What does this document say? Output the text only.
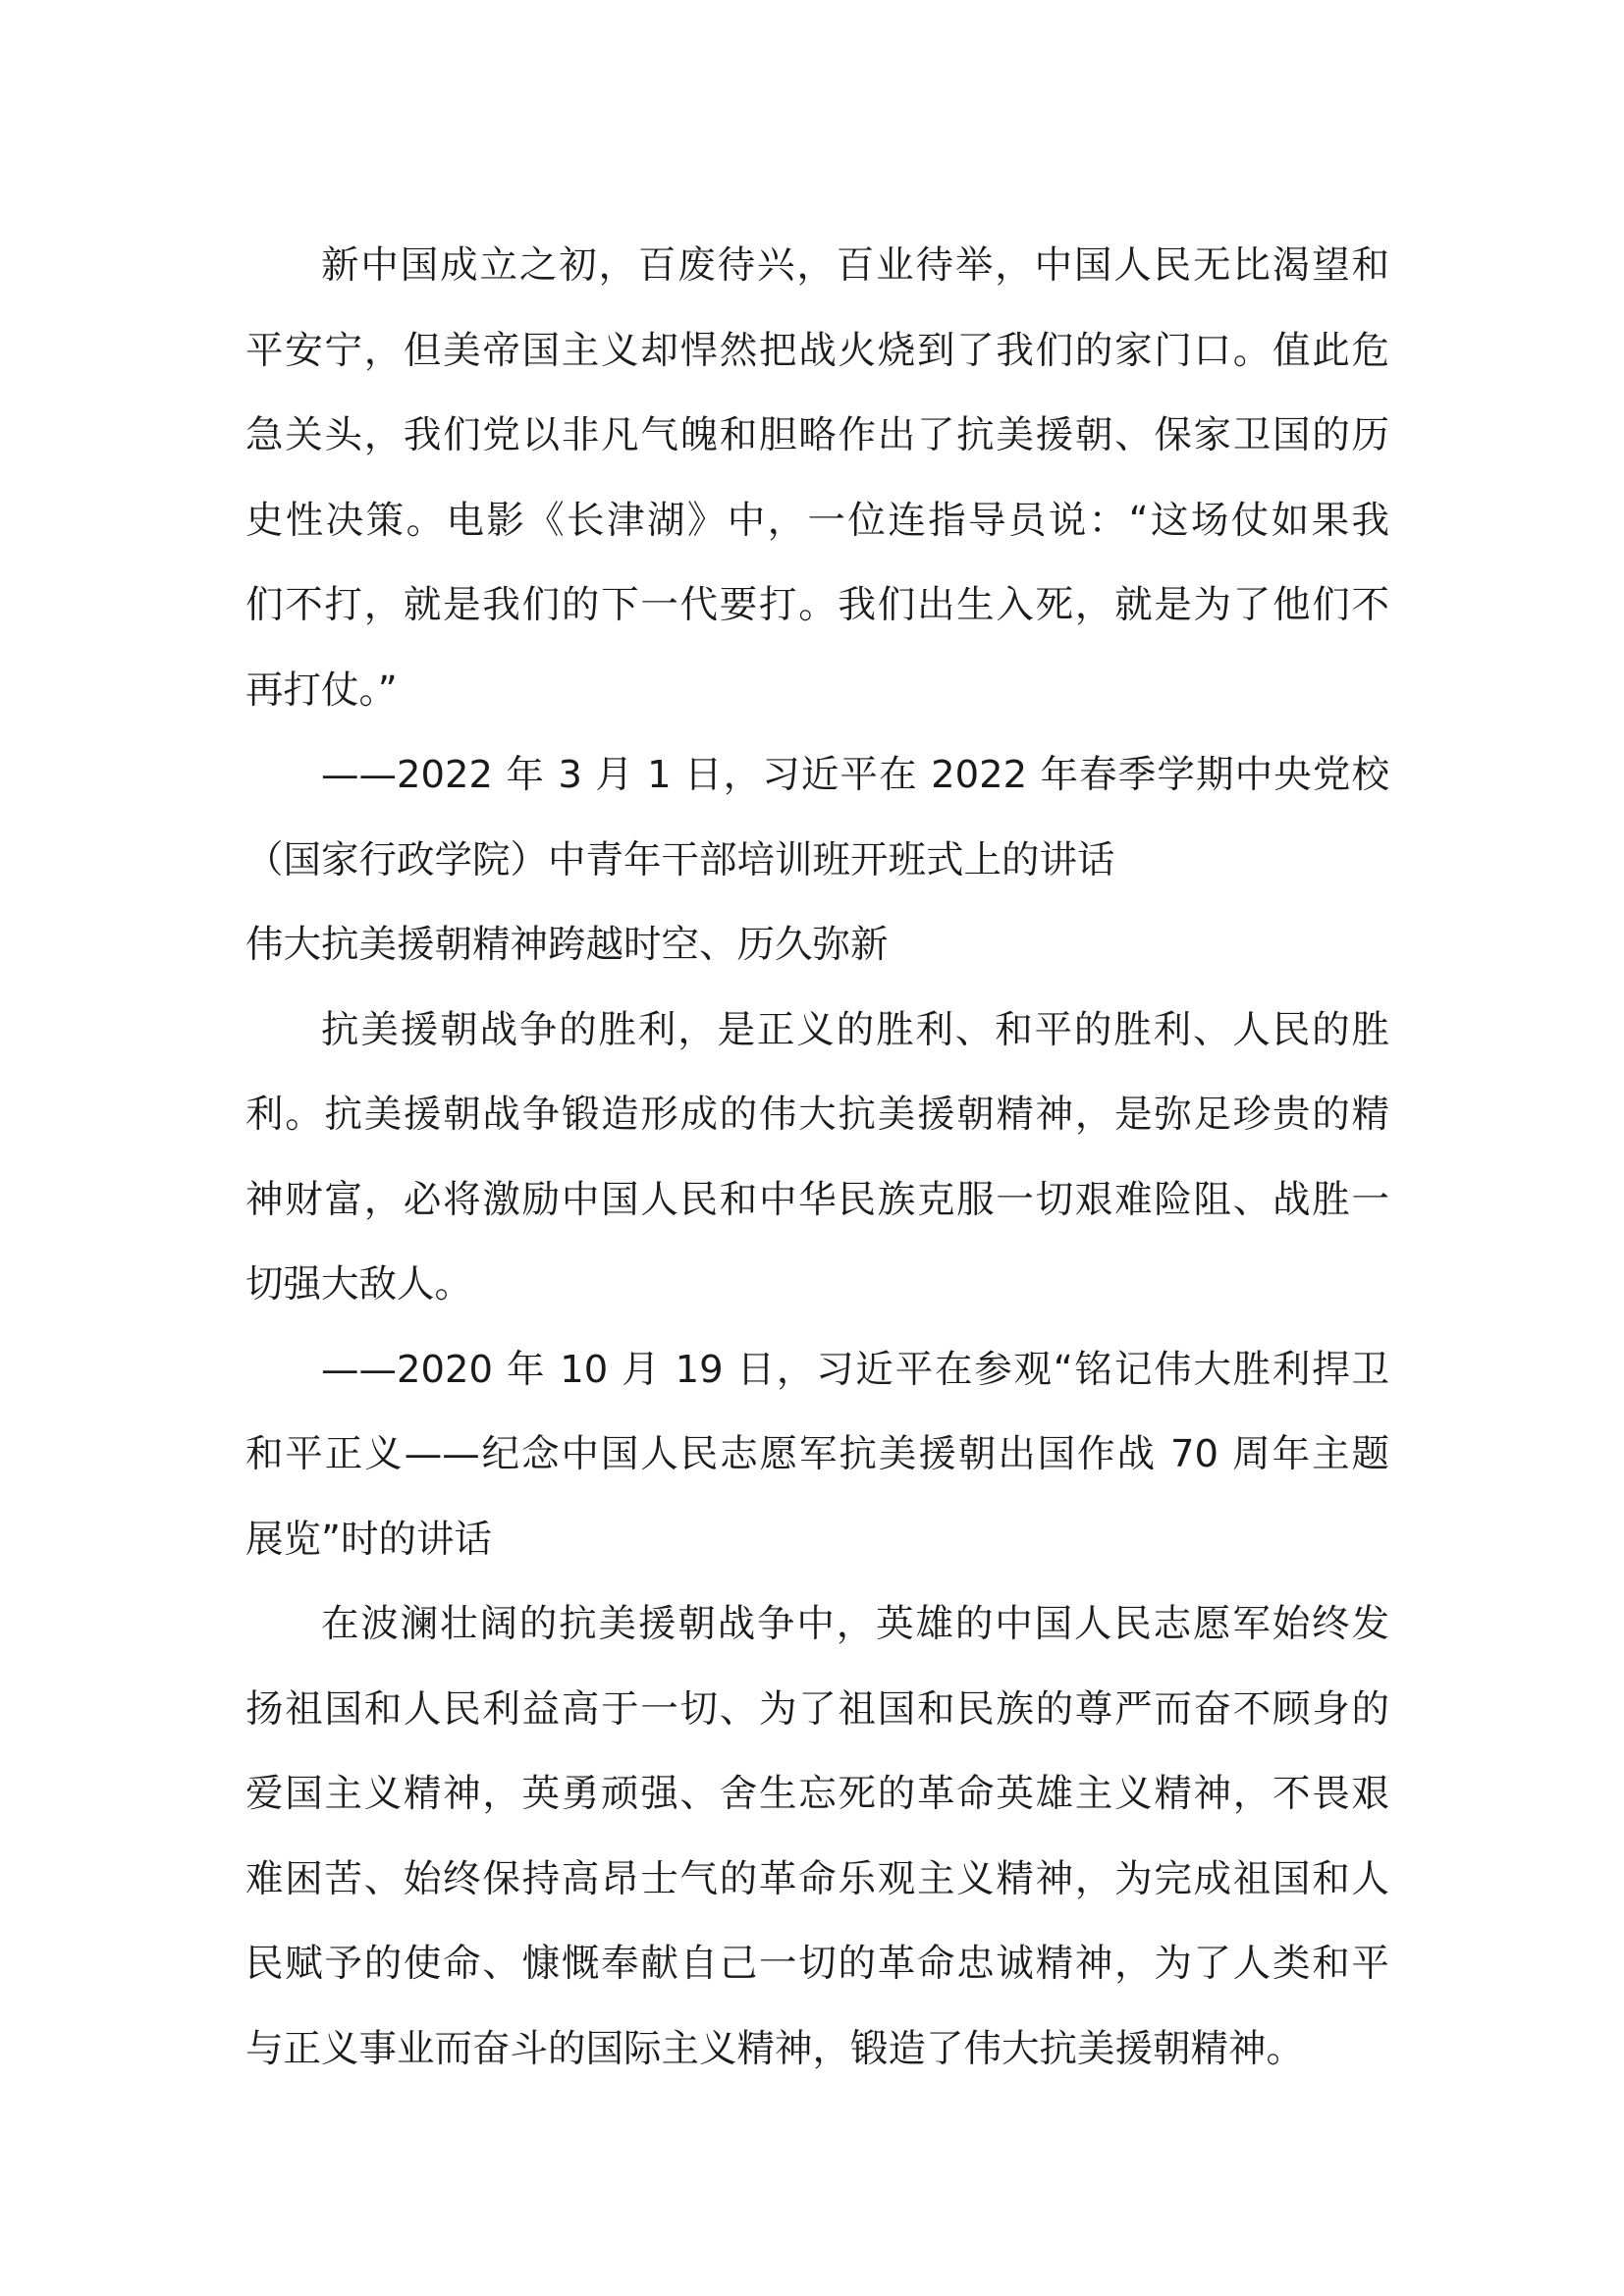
新中国成立之初，百废待兴，百业待举，中国人民无比渴望和
平安宁，但美帝国主义却悍然把战火烧到了我们的家门口。值此危
急关头，我们党以非凡气魄和胆略作出了抗美援朝、保家卫国的历
史性决策。电影《长津湖》中，一位连指导员说：“这场仗如果我
们不打，就是我们的下一代要打。我们出生入死，就是为了他们不
再打仗。”

——2022 年 3 月 1 日，习近平在 2022 年春季学期中央党校
（国家行政学院）中青年干部培训班开班式上的讲话

伟大抗美援朝精神跨越时空、历久弥新

抗美援朝战争的胜利，是正义的胜利、和平的胜利、人民的胜
利。抗美援朝战争锻造形成的伟大抗美援朝精神，是弥足珍贵的精
神财富，必将激励中国人民和中华民族克服一切艰难险阻、战胜一
切强大敌人。

——2020 年 10 月 19 日，习近平在参观“铭记伟大胜利捍卫
和平正义——纪念中国人民志愿军抗美援朝出国作战 70 周年主题
展览”时的讲话

在波澜壮阔的抗美援朝战争中，英雄的中国人民志愿军始终发
扬祖国和人民利益高于一切、为了祖国和民族的尊严而奋不顾身的
爱国主义精神，英勇顽强、舍生忘死的革命英雄主义精神，不畏艰
难困苦、始终保持高昂士气的革命乐观主义精神，为完成祖国和人
民赋予的使命、慷慨奉献自己一切的革命忠诚精神，为了人类和平
与正义事业而奋斗的国际主义精神，锻造了伟大抗美援朝精神。
